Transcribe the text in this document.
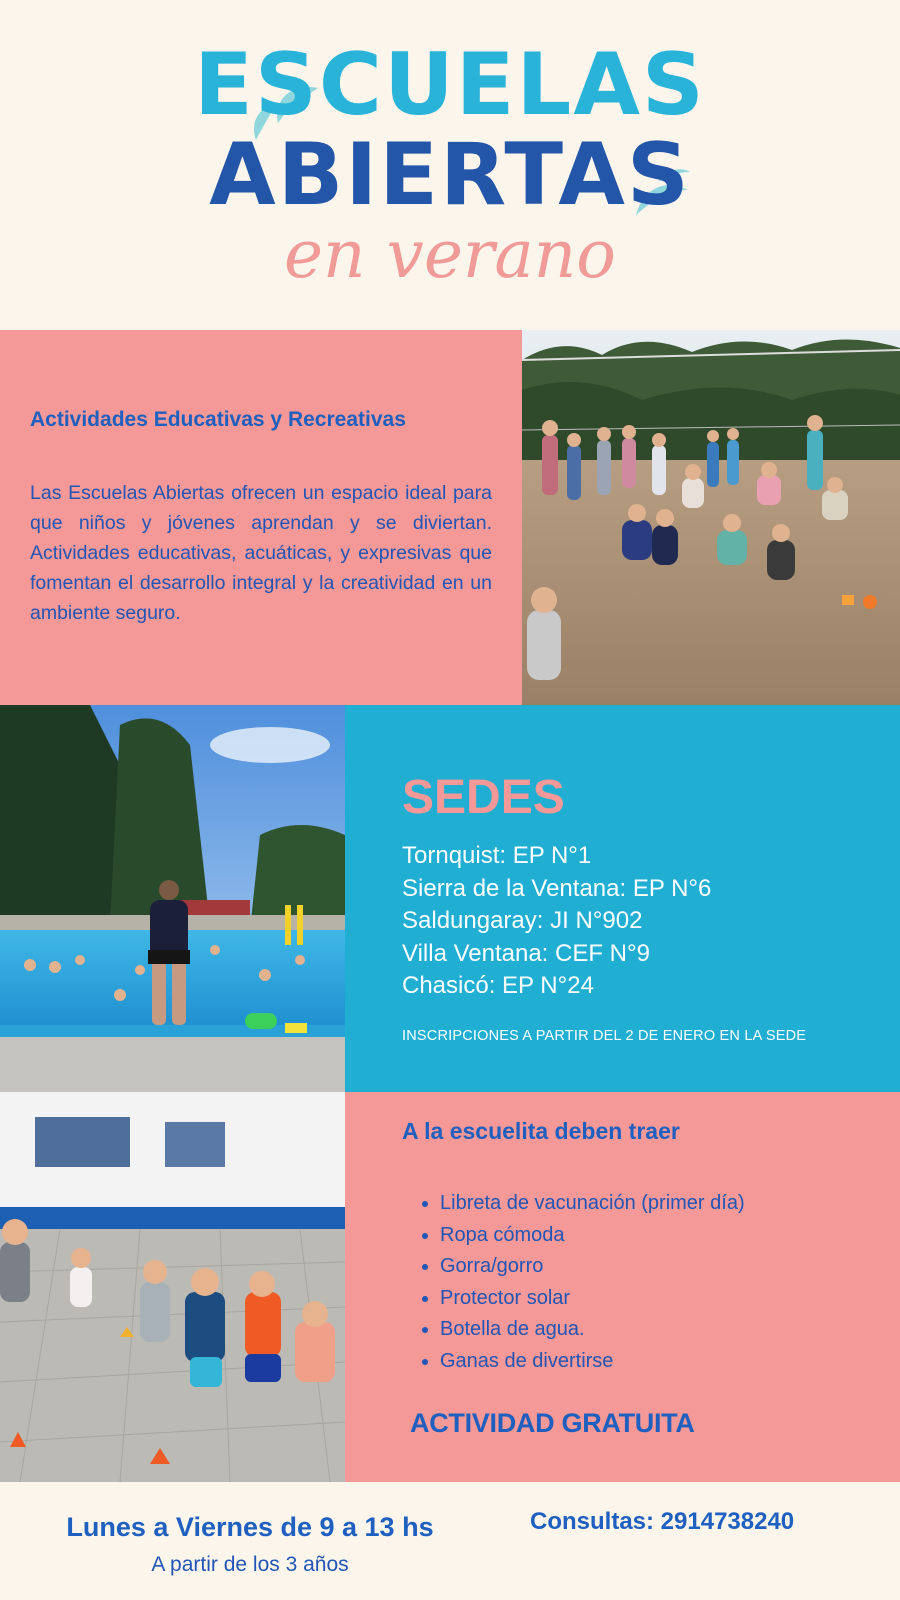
ESCUELAS
ABIERTAS
en verano
Actividades Educativas y Recreativas
Las Escuelas Abiertas ofrecen un espacio ideal para que niños y jóvenes aprendan y se diviertan. Actividades educativas, acuáticas, y expresivas que fomentan el desarrollo integral y la creatividad en un ambiente seguro.
SEDES
Tornquist: EP N°1
Sierra de la Ventana: EP N°6
Saldungaray: JI N°902
Villa Ventana: CEF N°9
Chasicó: EP N°24
INSCRIPCIONES A PARTIR DEL 2 DE ENERO EN LA SEDE
A la escuelita deben traer
• Libreta de vacunación (primer día)
• Ropa cómoda
• Gorra/gorro
• Protector solar
• Botella de agua.
• Ganas de divertirse
ACTIVIDAD GRATUITA
Lunes a Viernes de 9 a 13 hs
A partir de los 3 años
Consultas: 2914738240
